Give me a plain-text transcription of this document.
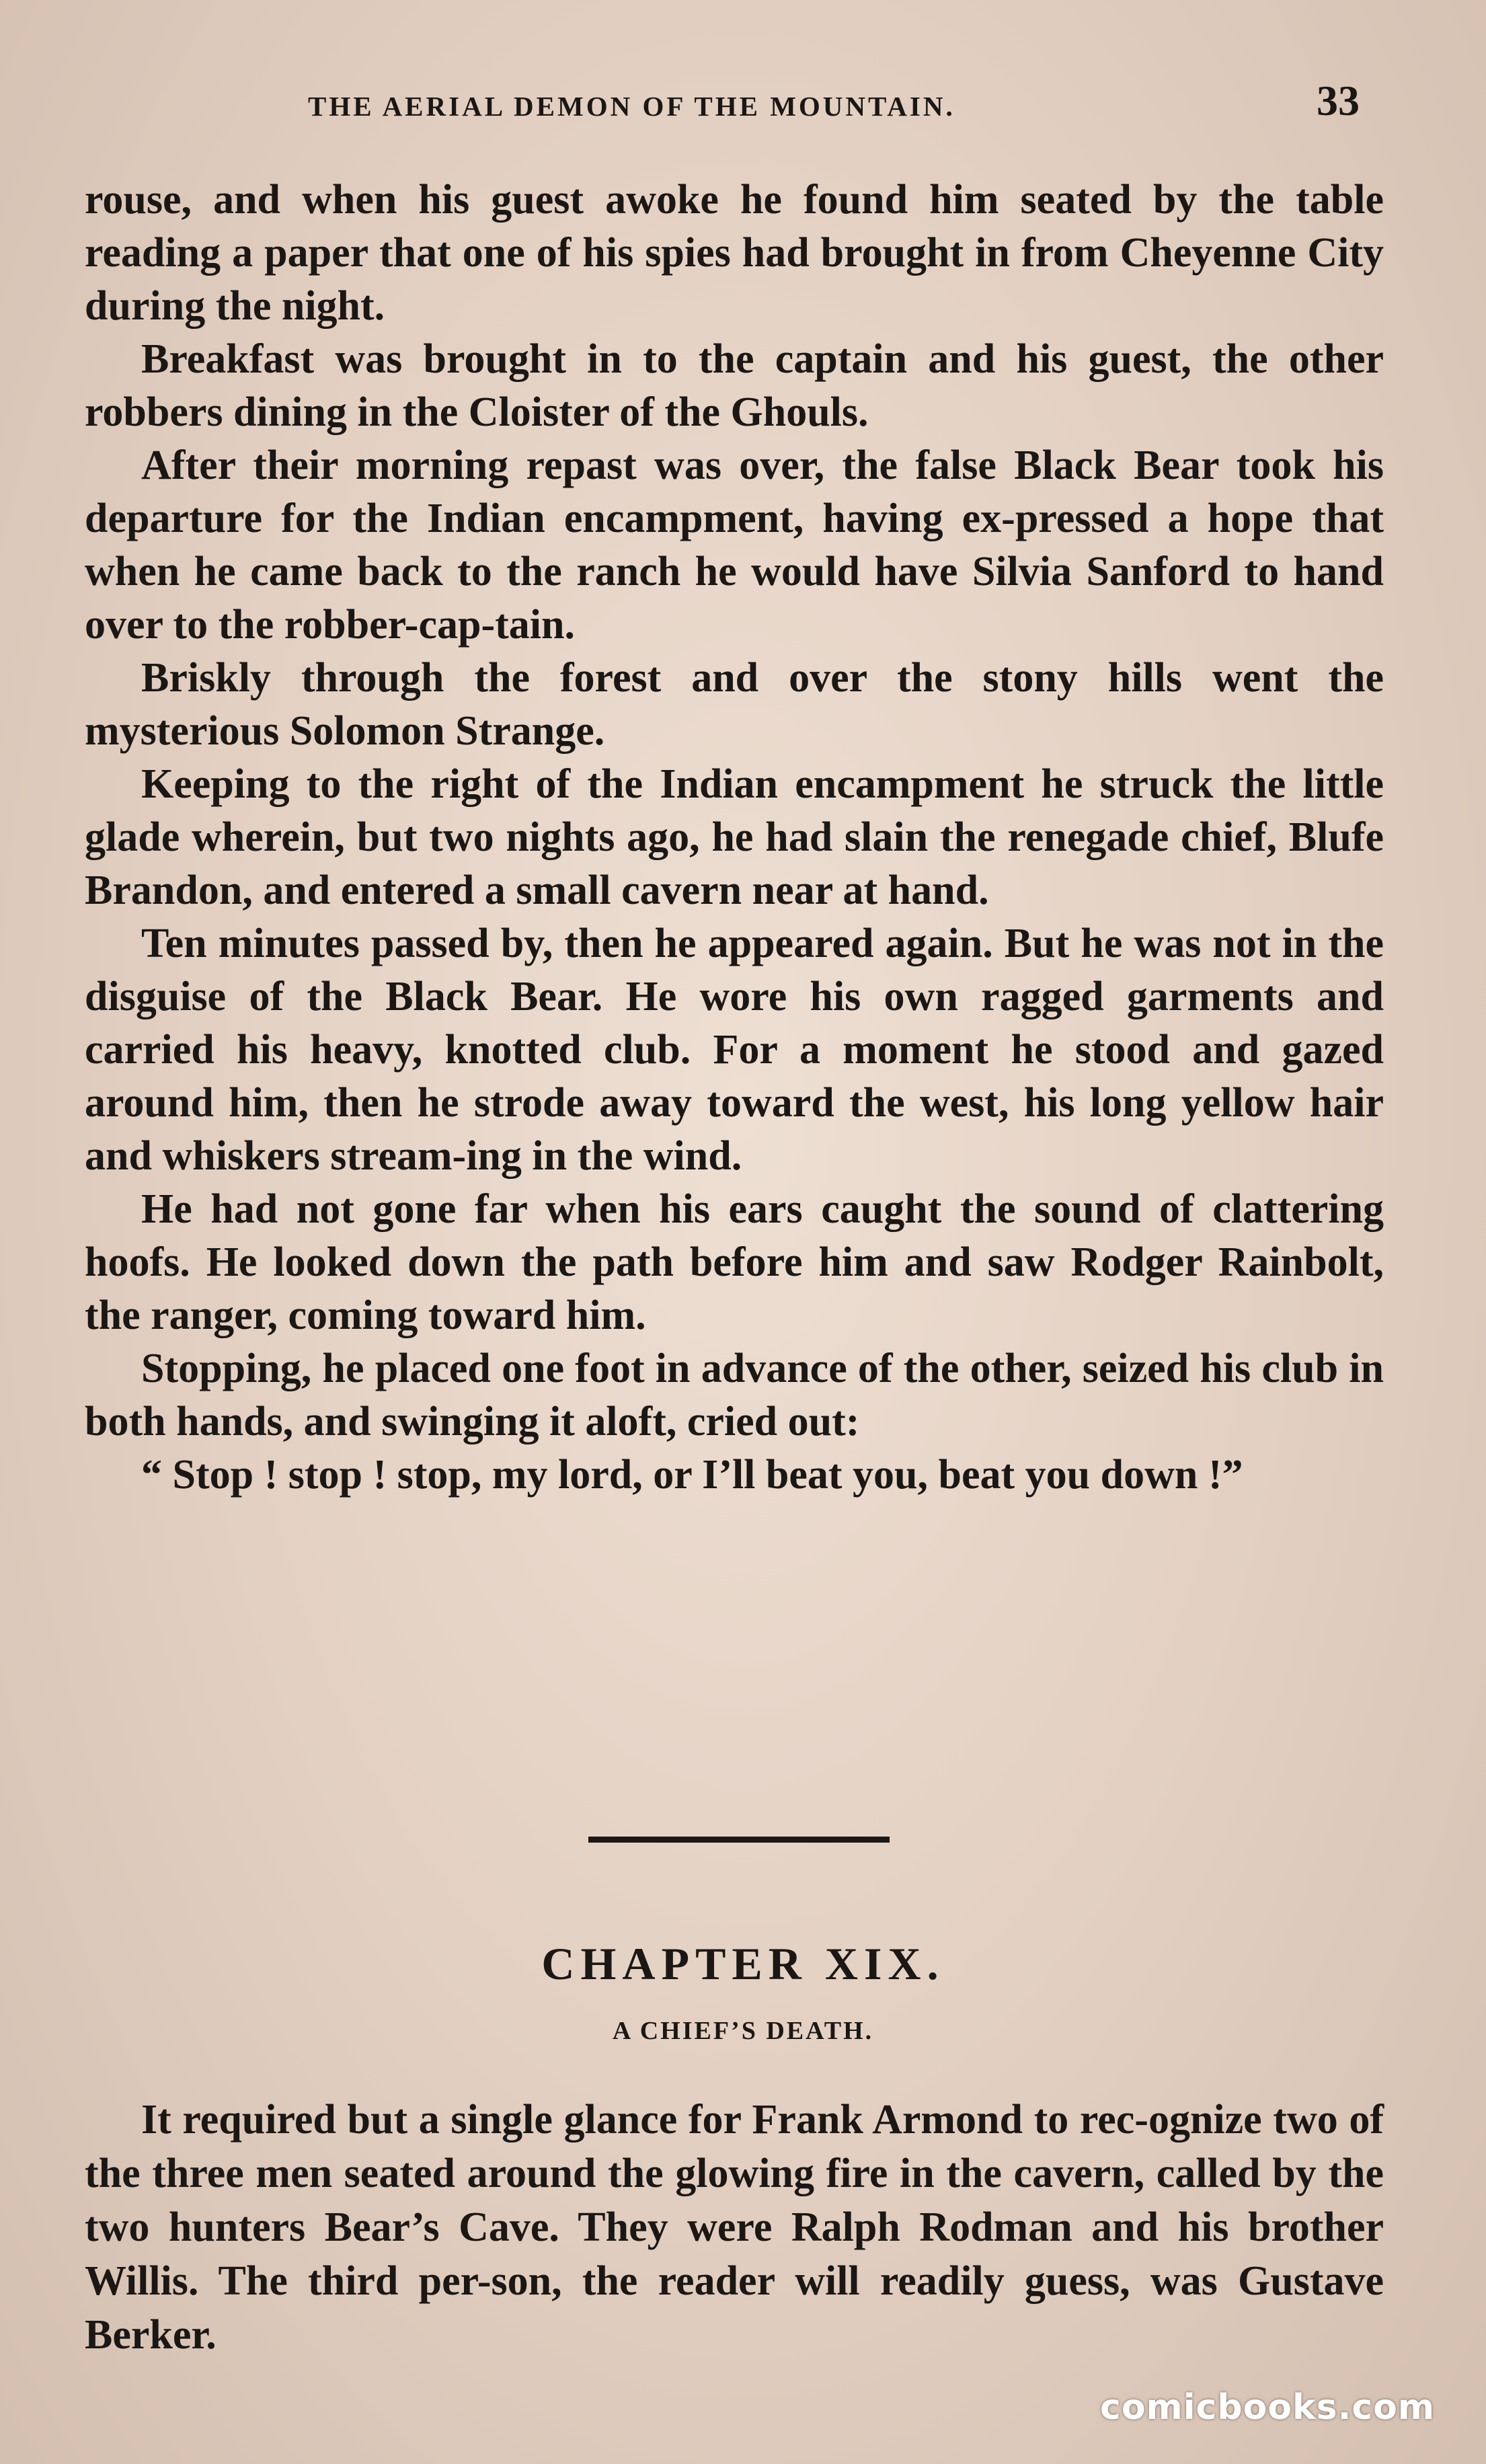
THE AERIAL DEMON OF THE MOUNTAIN.	33

rouse, and when his guest awoke he found him seated by the table reading a paper that one of his spies had brought in from Cheyenne City during the night.

Breakfast was brought in to the captain and his guest, the other robbers dining in the Cloister of the Ghouls.

After their morning repast was over, the false Black Bear took his departure for the Indian encampment, having ex-pressed a hope that when he came back to the ranch he would have Silvia Sanford to hand over to the robber-cap-tain.

Briskly through the forest and over the stony hills went the mysterious Solomon Strange.

Keeping to the right of the Indian encampment he struck the little glade wherein, but two nights ago, he had slain the renegade chief, Blufe Brandon, and entered a small cavern near at hand.

Ten minutes passed by, then he appeared again. But he was not in the disguise of the Black Bear. He wore his own ragged garments and carried his heavy, knotted club. For a moment he stood and gazed around him, then he strode away toward the west, his long yellow hair and whiskers stream-ing in the wind.

He had not gone far when his ears caught the sound of clattering hoofs. He looked down the path before him and saw Rodger Rainbolt, the ranger, coming toward him.

Stopping, he placed one foot in advance of the other, seized his club in both hands, and swinging it aloft, cried out:

“ Stop ! stop ! stop, my lord, or I’ll beat you, beat you down !”

CHAPTER XIX.
A CHIEF’S DEATH.

It required but a single glance for Frank Armond to rec-ognize two of the three men seated around the glowing fire in the cavern, called by the two hunters Bear’s Cave. They were Ralph Rodman and his brother Willis. The third per-son, the reader will readily guess, was Gustave Berker.

comicbooks.com
